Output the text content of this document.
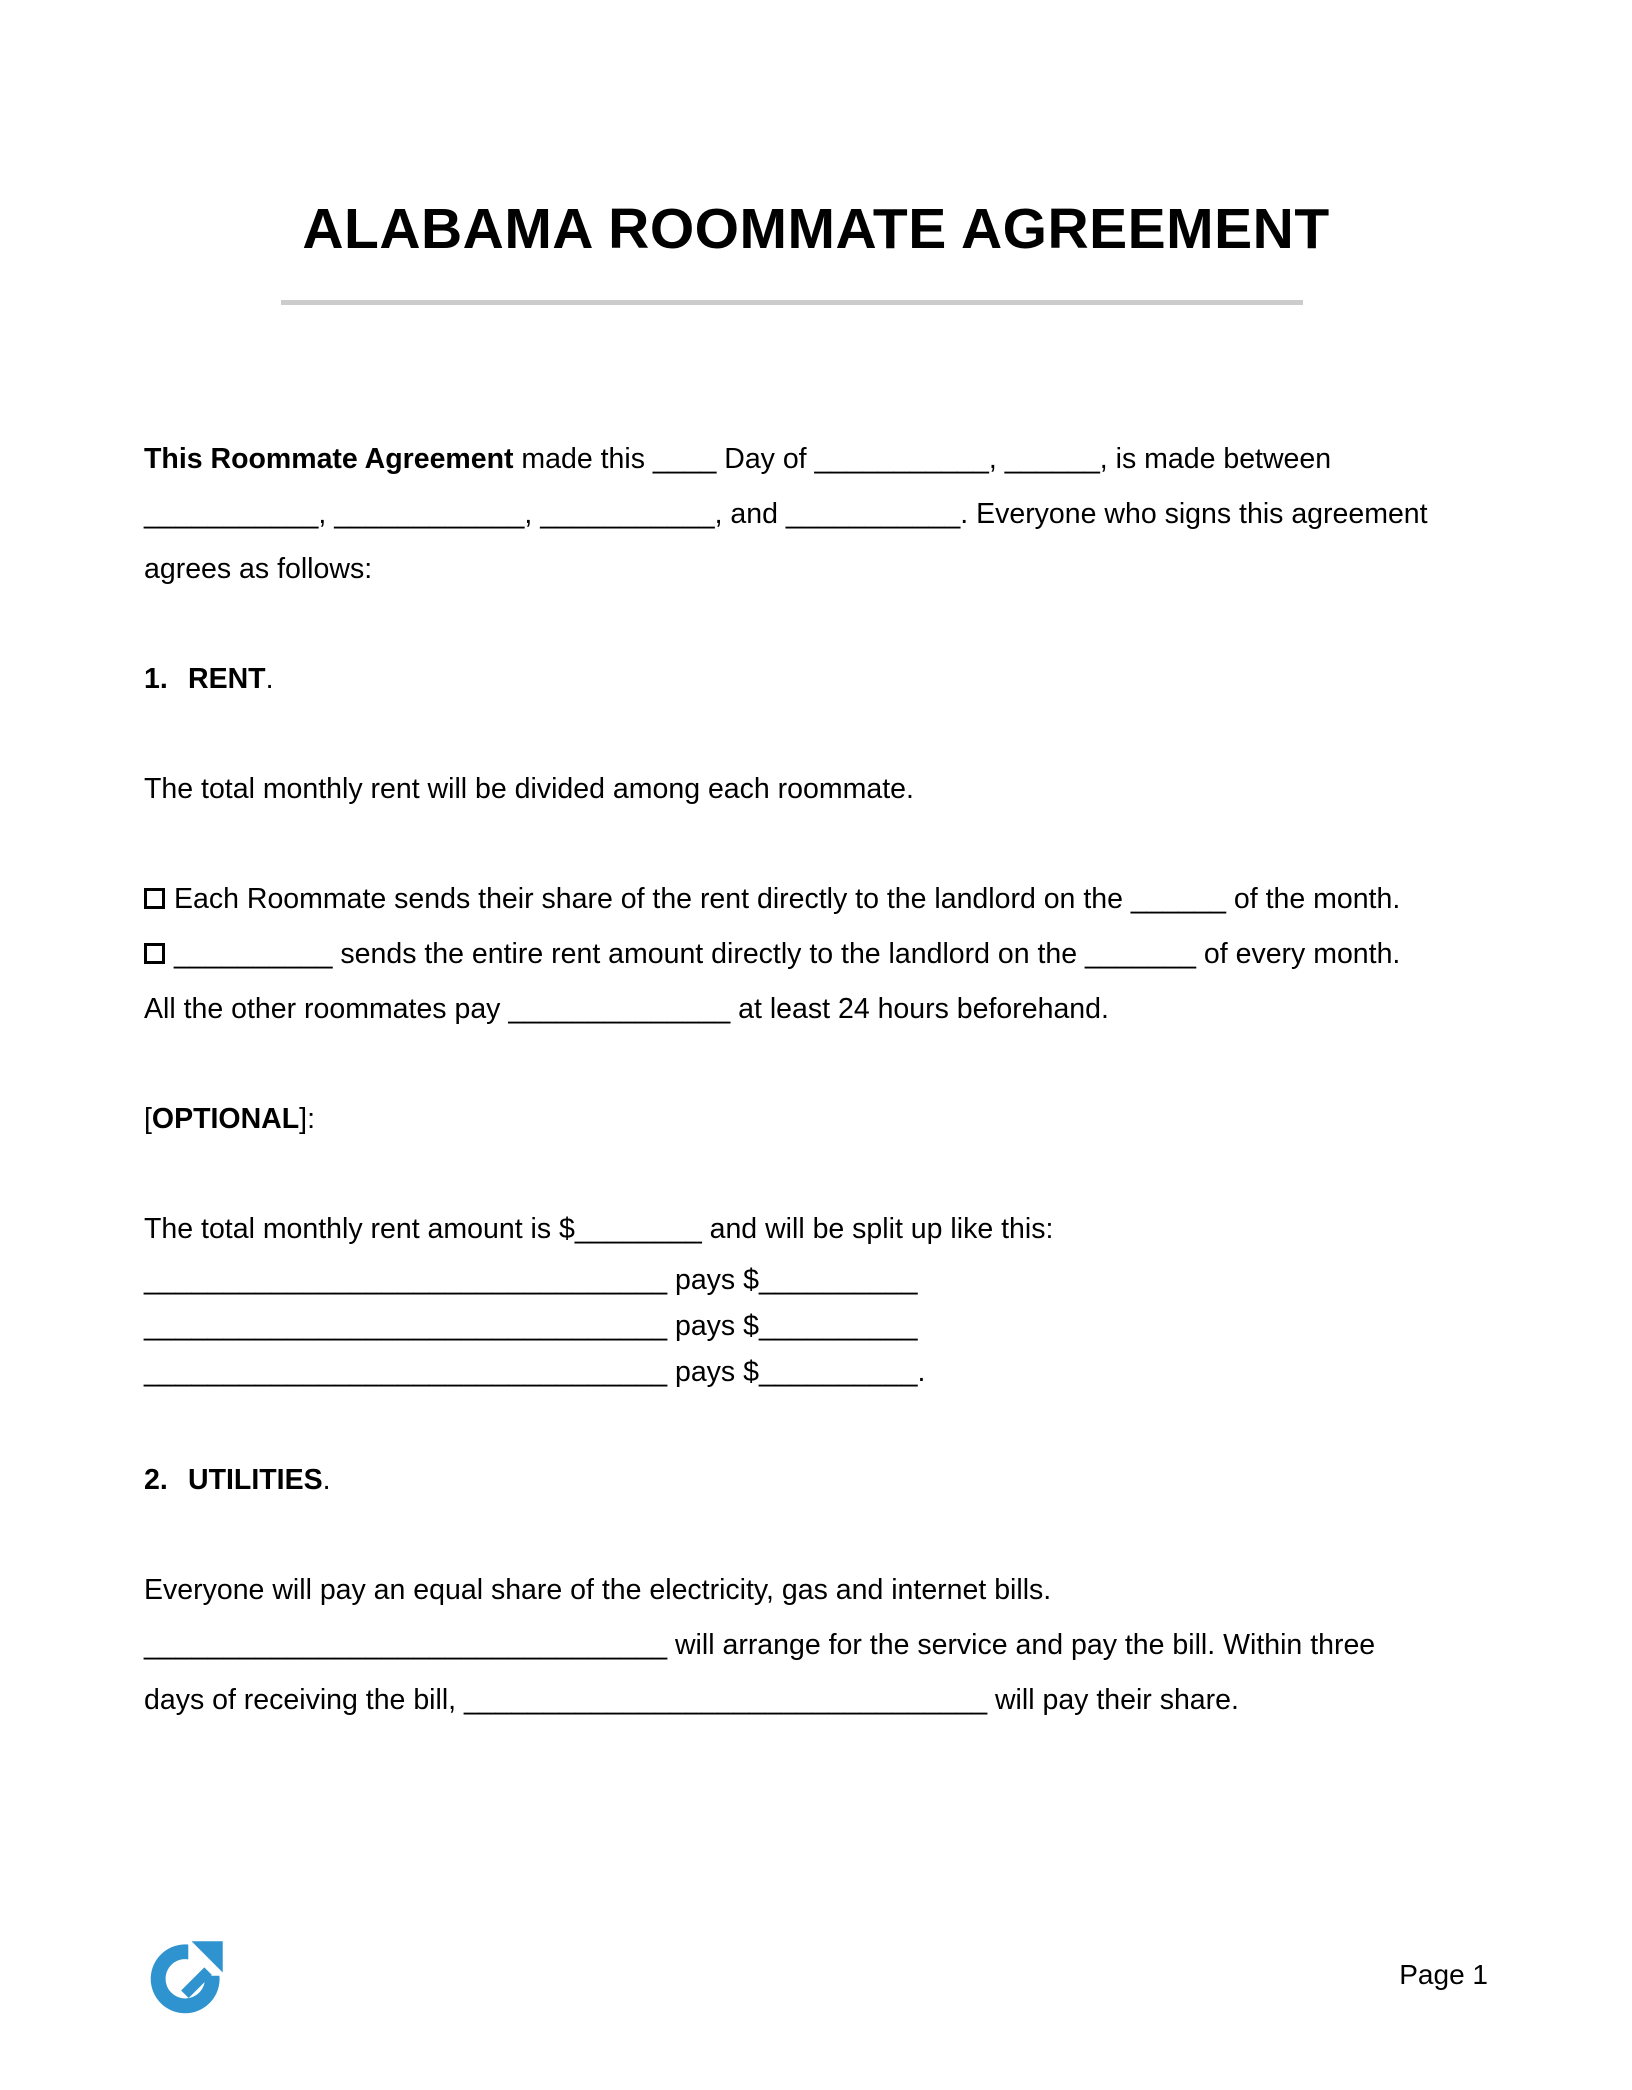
ALABAMA ROOMMATE AGREEMENT

This Roommate Agreement made this ____ Day of ___________, ______, is made between ___________, ____________, ___________, and ___________. Everyone who signs this agreement agrees as follows:

1. RENT.

The total monthly rent will be divided among each roommate.

Each Roommate sends their share of the rent directly to the landlord on the ______ of the month.

__________ sends the entire rent amount directly to the landlord on the _______ of every month. All the other roommates pay ______________ at least 24 hours beforehand.

[OPTIONAL]:

The total monthly rent amount is $________ and will be split up like this:

_________________________________ pays $__________

_________________________________ pays $__________

_________________________________ pays $__________.

2. UTILITIES.

Everyone will pay an equal share of the electricity, gas and internet bills.

_________________________________ will arrange for the service and pay the bill. Within three days of receiving the bill, _________________________________ will pay their share.

Page 1
